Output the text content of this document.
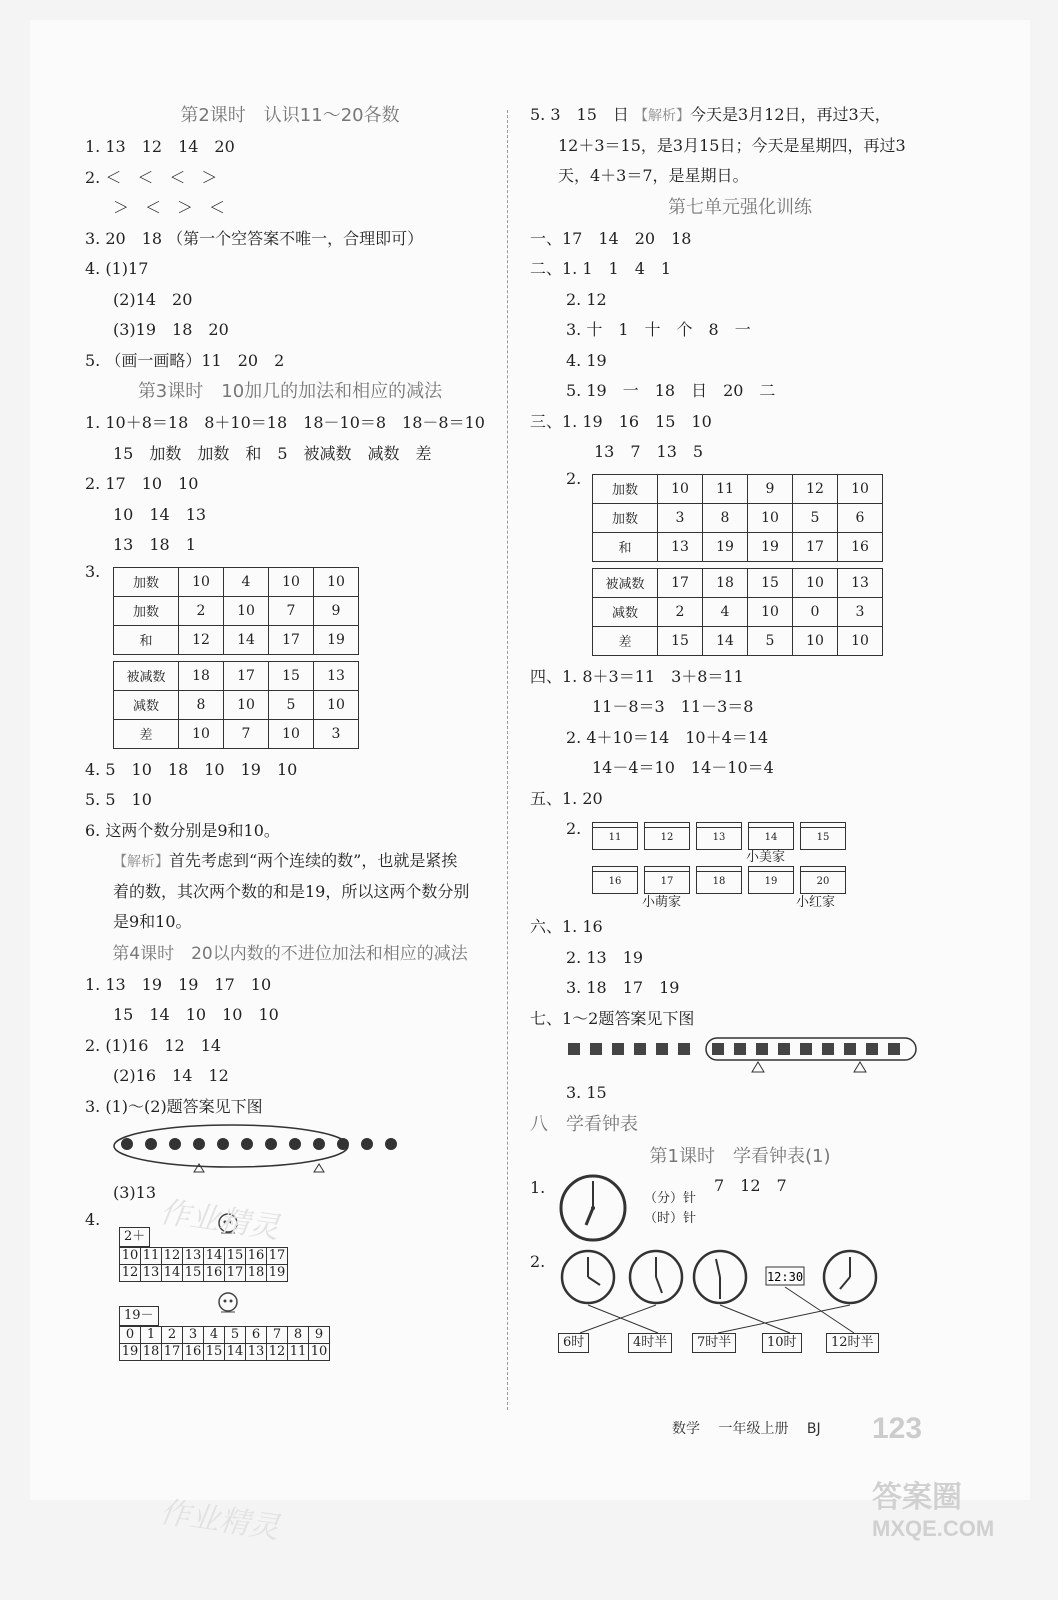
第2课时　认识11～20各数
1. 13　12　14　20
2. ＜　＜　＜　＞
＞　＜　＞　＜
3. 20　18 （第一个空答案不唯一，合理即可）
4. (1)17
(2)14　20
(3)19　18　20
5. （画一画略）11　20　2
第3课时　10加几的加法和相应的减法
1. 10＋8＝18　8＋10＝18　18－10＝8　18－8＝10
15　加数　加数　和　5　被减数　减数　差
2. 17　10　10
10　14　13
13　18　1
3.
加数	10	4	10	10
加数	2	10	7	9
和	12	14	17	19
被减数	18	17	15	13
减数	8	10	5	10
差	10	7	10	3
4. 5　10　18　10　19　10
5. 5　10
6. 这两个数分别是9和10。
【解析】首先考虑到“两个连续的数”，也就是紧挨
着的数，其次两个数的和是19，所以这两个数分别
是9和10。
第4课时　20以内数的不进位加法和相应的减法
1. 13　19　19　17　10
15　14　10　10　10
2. (1)16　12　14
(2)16　14　12
3. (1)～(2)题答案见下图
(3)13
4.
2＋
10	11	12	13	14	15	16	17
12	13	14	15	16	17	18	19
19－
0	1	2	3	4	5	6	7	8	9
19	18	17	16	15	14	13	12	11	10
5. 3　15　日 【解析】今天是3月12日，再过3天，
12＋3＝15，是3月15日；今天是星期四，再过3
天，4＋3＝7，是星期日。
第七单元强化训练
一、17　14　20　18
二、1. 1　1　4　1
2. 12
3. 十　1　十　个　8　一
4. 19
5. 19　一　18　日　20　二
三、1. 19　16　15　10
13　7　13　5
2.
加数	10	11	9	12	10
加数	3	8	10	5	6
和	13	19	19	17	16
被减数	17	18	15	10	13
减数	2	4	10	0	3
差	15	14	5	10	10
四、1. 8＋3＝11　3＋8＝11
11－8＝3　11－3＝8
2. 4＋10＝14　10＋4＝14
14－4＝10　14－10＝4
五、1. 20
2.	11	12	13	14	15
小美家
16	17	18	19	20
小萌家	小红家
六、1. 16
2. 13　19
3. 18　17　19
七、1～2题答案见下图
3. 15
八　学看钟表
第1课时　学看钟表(1)
1.	7　12　7
（分）针
（时）针
2.
12:30
6时	4时半	7时半	10时	12时半
数学　 一年级上册　 BJ 123
作业精灵
作业精灵	答案圈
MXQE.COM
